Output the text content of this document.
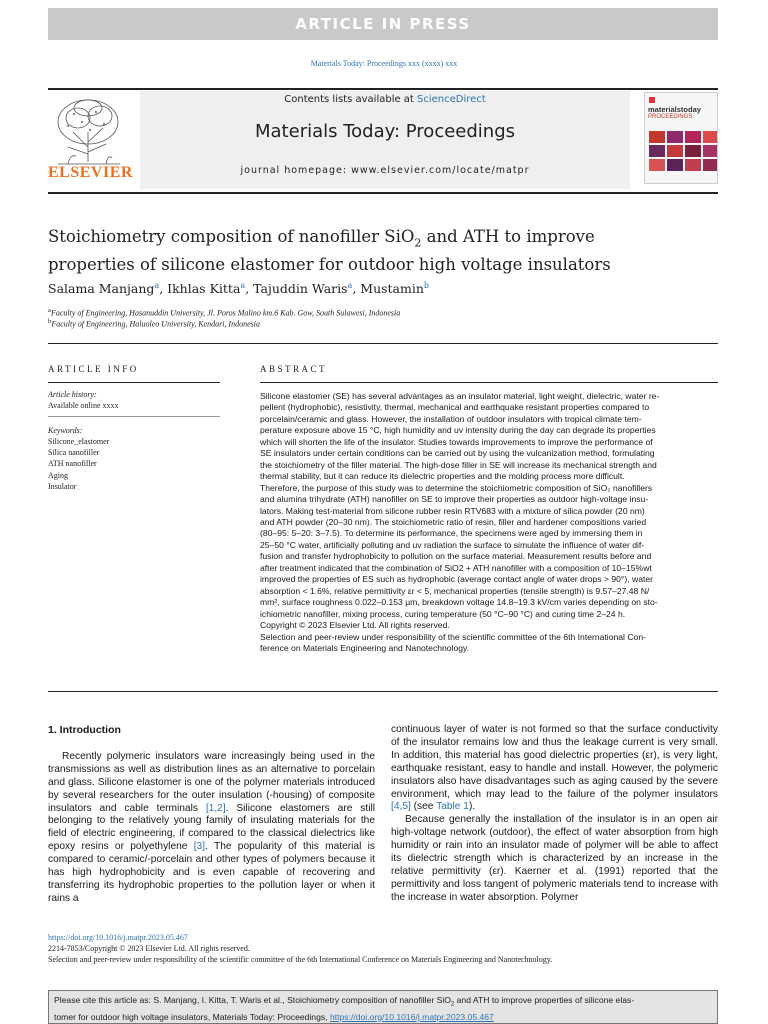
ARTICLE IN PRESS
Materials Today: Proceedings xxx (xxxx) xxx
ELSEVIER
Contents lists available at ScienceDirect
Materials Today: Proceedings
journal homepage: www.elsevier.com/locate/matpr
materialstoday
PROCEEDINGS
Stoichiometry composition of nanofiller SiO$_2$ and ATH to improve
properties of silicone elastomer for outdoor high voltage insulators
Salama Manjang$^a$, Ikhlas Kitta$^a$, Tajuddin Waris$^a$, Mustamin$^b$
$^a$Faculty of Engineering, Hasanuddin University, Jl. Poros Malino km.6 Kab. Gow, South Sulawesi, Indonesia
$^b$Faculty of Engineering, Haluoleo University, Kendari, Indonesia
ARTICLE INFO
Article history:
Available online xxxx
Keywords:
Silicone_elastomer
Silica nanofiller
ATH nanofiller
Aging
Insulator
ABSTRACT

Silicone elastomer (SE) has several advantages as an insulator material, light weight, dielectric, water re-

pellent (hydrophobic), resistivity, thermal, mechanical and earthquake resistant properties compared to

porcelain/ceramic and glass. However, the installation of outdoor insulators with tropical climate tem-

perature exposure above 15 °C, high humidity and uv intensity during the day can degrade its properties

which will shorten the life of the insulator. Studies towards improvements to improve the performance of

SE insulators under certain conditions can be carried out by using the vulcanization method, formulating

the stoichiometry of the filler material. The high-dose filler in SE will increase its mechanical strength and

thermal stability, but it can reduce its dielectric properties and the molding process more difficult.

Therefore, the purpose of this study was to determine the stoichiometric composition of SiO₂ nanofillers

and alumina trihydrate (ATH) nanofiller on SE to improve their properties as outdoor high-voltage insu-

lators. Making test-material from silicone rubber resin RTV683 with a mixture of silica powder (20 nm)

and ATH powder (20–30 nm). The stoichiometric ratio of resin, filler and hardener compositions varied

(80–95: 5–20: 3–7.5). To determine its performance, the specimens were aged by immersing them in

25–50 °C water, artificially polluting and uv radiation the surface to simulate the influence of water dif-

fusion and transfer hydrophobicity to pollution on the surface material. Measurement results before and

after treatment indicated that the combination of SiO2 + ATH nanofiller with a composition of 10–15%wt

improved the properties of ES such as hydrophobic (average contact angle of water drops > 90°), water

absorption < 1.6%, relative permittivity εr < 5, mechanical properties (tensile strength) is 9.57–27.48 N/

mm², surface roughness 0.022–0.153 µm, breakdown voltage 14.8–19.3 kV/cm varies depending on sto-

ichiometric nanofiller, mixing process, curing temperature (50 °C–90 °C) and curing time 2–24 h.

Copyright © 2023 Elsevier Ltd. All rights reserved.

Selection and peer-review under responsibility of the scientific committee of the 6th International Con-

ference on Materials Engineering and Nanotechnology.

1. Introduction

Recently polymeric insulators ware increasingly being used in the transmissions as well as distribution lines as an alternative to porcelain and glass. Silicone elastomer is one of the polymer materials introduced by several researchers for the outer insulation (-housing) of composite insulators and cable terminals [1,2]. Silicone elastomers are still belonging to the relatively young family of insulating materials for the field of electric engineering, if compared to the classical dielectrics like epoxy resins or polyethylene [3]. The popularity of this material is compared to ceramic/-porcelain and other types of polymers because it has high hydrophobicity and is even capable of recovering and transferring its hydrophobic properties to the pollution layer or when it rains a

continuous layer of water is not formed so that the surface conductivity of the insulator remains low and thus the leakage current is very small. In addition, this material has good dielectric properties (εr), is very light, earthquake resistant, easy to handle and install. However, the polymeric insulators also have disadvantages such as aging caused by the severe environment, which may lead to the failure of the polymer insulators [4,5] (see Table 1).

Because generally the installation of the insulator is in an open air high-voltage network (outdoor), the effect of water absorption from high humidity or rain into an insulator made of polymer will be able to affect its dielectric strength which is characterized by an increase in the relative permittivity (εr). Kaerner et al. (1991) reported that the permittivity and loss tangent of polymeric materials tend to increase with the increase in water absorption. Polymer

https://doi.org/10.1016/j.matpr.2023.05.467
2214-7853/Copyright © 2023 Elsevier Ltd. All rights reserved.
Selection and peer-review under responsibility of the scientific committee of the 6th International Conference on Materials Engineering and Nanotechnology.
Please cite this article as: S. Manjang, I. Kitta, T. Waris et al., Stoichiometry composition of nanofiller SiO$_2$ and ATH to improve properties of silicone elas-
tomer for outdoor high voltage insulators, Materials Today: Proceedings, https://doi.org/10.1016/j.matpr.2023.05.467
